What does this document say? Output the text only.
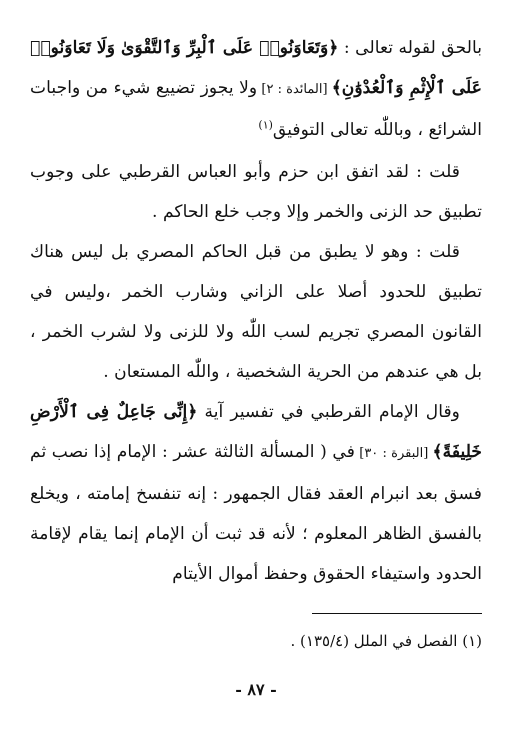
بالحق لقوله تعالى : ﴿وَتَعَاوَنُوا۟ عَلَى ٱلْبِرِّ وَٱلتَّقْوَىٰ وَلَا تَعَاوَنُوا۟ عَلَى ٱلْإِثْمِ وَٱلْعُدْوَٰنِ﴾ [المائدة : ٢] ولا يجوز تضييع شيء من واجبات الشرائع ، وباللّٰه تعالى التوفيق$^{(١)}$

قلت : لقد اتفق ابن حزم وأبو العباس القرطبي على وجوب تطبيق حد الزنى والخمر وإلا وجب خلع الحاكم .

قلت : وهو لا يطبق من قبل الحاكم المصري بل ليس هناك تطبيق للحدود أصلا على الزاني وشارب الخمر ،وليس في القانون المصري تجريم لسب اللّٰه ولا للزنى ولا لشرب الخمر ، بل هي عندهم من الحرية الشخصية ، واللّٰه المستعان .

وقال الإمام القرطبي في تفسير آية ﴿إِنِّى جَاعِلٌ فِى ٱلْأَرْضِ خَلِيفَةً﴾ [البقرة : ٣٠] في ( المسألة الثالثة عشر : الإمام إذا نصب ثم فسق بعد انبرام العقد فقال الجمهور : إنه تنفسخ إمامته ، ويخلع بالفسق الظاهر المعلوم ؛ لأنه قد ثبت أن الإمام إنما يقام لإقامة الحدود واستيفاء الحقوق وحفظ أموال الأيتام

(١) الفصل في الملل (١٣٥/٤) .
- ٨٧ -
